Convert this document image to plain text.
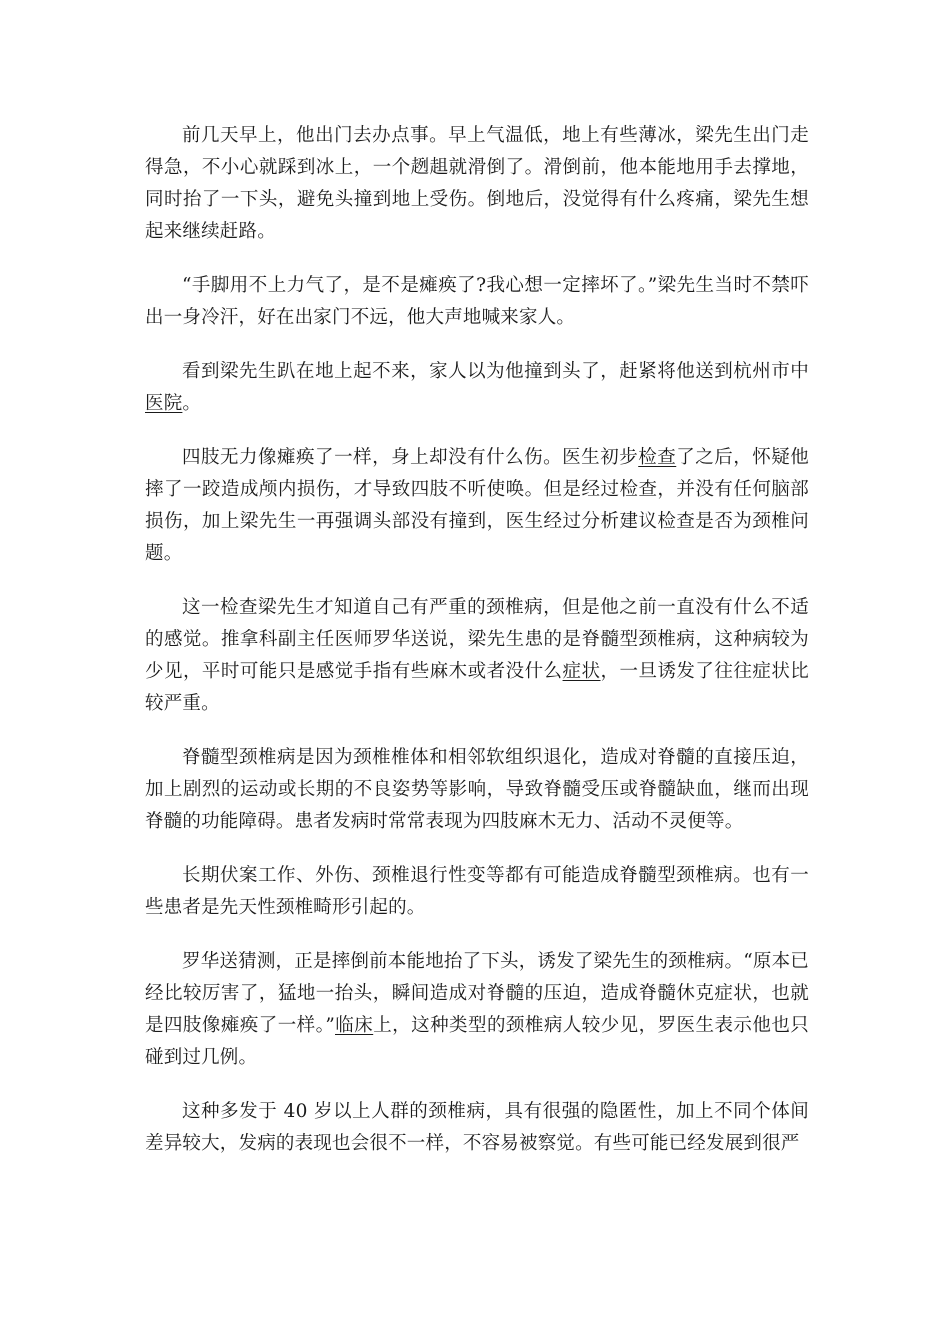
前几天早上，他出门去办点事。早上气温低，地上有些薄冰，梁先生出门走得急，不小心就踩到冰上，一个趔趄就滑倒了。滑倒前，他本能地用手去撑地，同时抬了一下头，避免头撞到地上受伤。倒地后，没觉得有什么疼痛，梁先生想起来继续赶路。

“手脚用不上力气了，是不是瘫痪了?我心想一定摔坏了。”梁先生当时不禁吓出一身冷汗，好在出家门不远，他大声地喊来家人。

看到梁先生趴在地上起不来，家人以为他撞到头了，赶紧将他送到杭州市中医院。

四肢无力像瘫痪了一样，身上却没有什么伤。医生初步检查了之后，怀疑他摔了一跤造成颅内损伤，才导致四肢不听使唤。但是经过检查，并没有任何脑部损伤，加上梁先生一再强调头部没有撞到，医生经过分析建议检查是否为颈椎问题。

这一检查梁先生才知道自己有严重的颈椎病，但是他之前一直没有什么不适的感觉。推拿科副主任医师罗华送说，梁先生患的是脊髓型颈椎病，这种病较为少见，平时可能只是感觉手指有些麻木或者没什么症状，一旦诱发了往往症状比较严重。

脊髓型颈椎病是因为颈椎椎体和相邻软组织退化，造成对脊髓的直接压迫，加上剧烈的运动或长期的不良姿势等影响，导致脊髓受压或脊髓缺血，继而出现脊髓的功能障碍。患者发病时常常表现为四肢麻木无力、活动不灵便等。

长期伏案工作、外伤、颈椎退行性变等都有可能造成脊髓型颈椎病。也有一些患者是先天性颈椎畸形引起的。

罗华送猜测，正是摔倒前本能地抬了下头，诱发了梁先生的颈椎病。“原本已经比较厉害了，猛地一抬头，瞬间造成对脊髓的压迫，造成脊髓休克症状，也就是四肢像瘫痪了一样。”临床上，这种类型的颈椎病人较少见，罗医生表示他也只碰到过几例。

这种多发于 40 岁以上人群的颈椎病，具有很强的隐匿性，加上不同个体间差异较大，发病的表现也会很不一样，不容易被察觉。有些可能已经发展到很严
